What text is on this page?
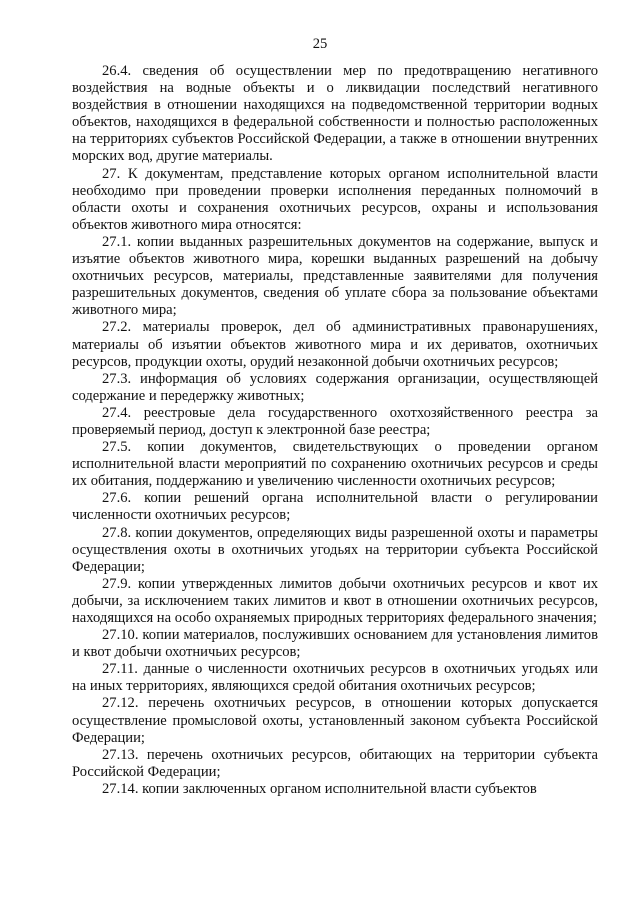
25

26.4. сведения об осуществлении мер по предотвращению негативного воздействия на водные объекты и о ликвидации последствий негативного воздействия в отношении находящихся на подведомственной территории водных объектов, находящихся в федеральной собственности и полностью расположенных на территориях субъектов Российской Федерации, а также в отношении внутренних морских вод, другие материалы.

27. К документам, представление которых органом исполнительной власти необходимо при проведении проверки исполнения переданных полномочий в области охоты и сохранения охотничьих ресурсов, охраны и использования объектов животного мира относятся:

27.1. копии выданных разрешительных документов на содержание, выпуск и изъятие объектов животного мира, корешки выданных разрешений на добычу охотничьих ресурсов, материалы, представленные заявителями для получения разрешительных документов, сведения об уплате сбора за пользование объектами животного мира;

27.2. материалы проверок, дел об административных правонарушениях, материалы об изъятии объектов животного мира и их дериватов, охотничьих ресурсов, продукции охоты, орудий незаконной добычи охотничьих ресурсов;

27.3. информация об условиях содержания организации, осуществляющей содержание и передержку животных;

27.4. реестровые дела государственного охотхозяйственного реестра за проверяемый период, доступ к электронной базе реестра;

27.5. копии документов, свидетельствующих о проведении органом исполнительной власти мероприятий по сохранению охотничьих ресурсов и среды их обитания, поддержанию и увеличению численности охотничьих ресурсов;

27.6. копии решений органа исполнительной власти о регулировании численности охотничьих ресурсов;

27.8. копии документов, определяющих виды разрешенной охоты и параметры осуществления охоты в охотничьих угодьях на территории субъекта Российской Федерации;

27.9. копии утвержденных лимитов добычи охотничьих ресурсов и квот их добычи, за исключением таких лимитов и квот в отношении охотничьих ресурсов, находящихся на особо охраняемых природных территориях федерального значения;

27.10. копии материалов, послуживших основанием для установления лимитов и квот добычи охотничьих ресурсов;

27.11. данные о численности охотничьих ресурсов в охотничьих угодьях или на иных территориях, являющихся средой обитания охотничьих ресурсов;

27.12. перечень охотничьих ресурсов, в отношении которых допускается осуществление промысловой охоты, установленный законом субъекта Российской Федерации;

27.13. перечень охотничьих ресурсов, обитающих на территории субъекта Российской Федерации;

27.14. копии заключенных органом исполнительной власти субъектов
